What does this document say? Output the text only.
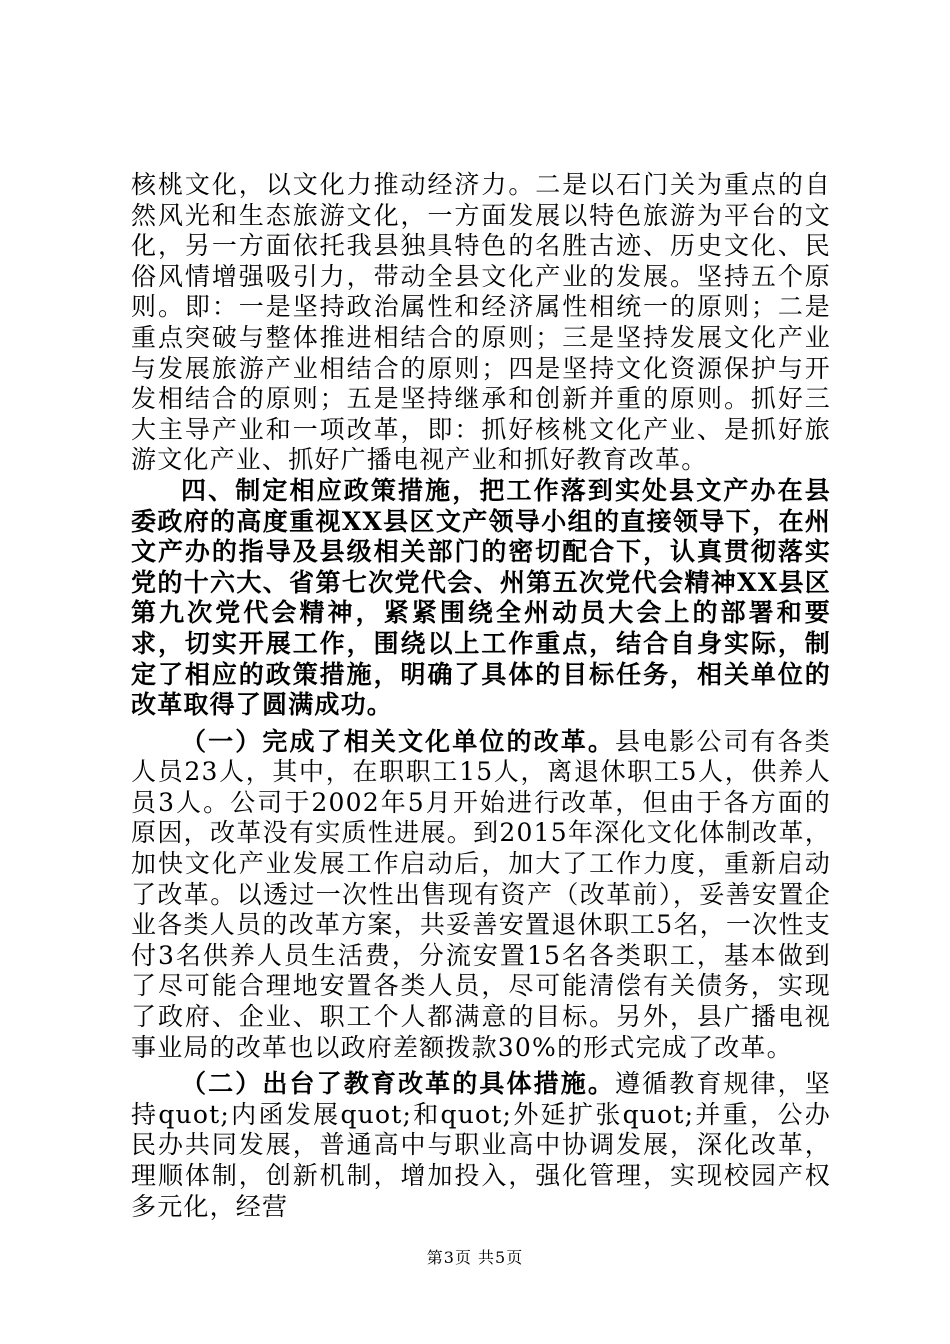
核桃文化，以文化力推动经济力。二是以石门关为重点的自然风光和生态旅游文化，一方面发展以特色旅游为平台的文化，另一方面依托我县独具特色的名胜古迹、历史文化、民俗风情增强吸引力，带动全县文化产业的发展。坚持五个原则。即：一是坚持政治属性和经济属性相统一的原则；二是重点突破与整体推进相结合的原则；三是坚持发展文化产业与发展旅游产业相结合的原则；四是坚持文化资源保护与开发相结合的原则；五是坚持继承和创新并重的原则。抓好三大主导产业和一项改革，即：抓好核桃文化产业、是抓好旅游文化产业、抓好广播电视产业和抓好教育改革。

四、制定相应政策措施，把工作落到实处县文产办在县委政府的高度重视XX县区文产领导小组的直接领导下，在州文产办的指导及县级相关部门的密切配合下，认真贯彻落实党的十六大、省第七次党代会、州第五次党代会精神XX县区第九次党代会精神，紧紧围绕全州动员大会上的部署和要求，切实开展工作，围绕以上工作重点，结合自身实际，制定了相应的政策措施，明确了具体的目标任务，相关单位的改革取得了圆满成功。

（一）完成了相关文化单位的改革。县电影公司有各类人员23人，其中，在职职工15人，离退休职工5人，供养人员3人。公司于2002年5月开始进行改革，但由于各方面的原因，改革没有实质性进展。到2015年深化文化体制改革，加快文化产业发展工作启动后，加大了工作力度，重新启动了改革。以透过一次性出售现有资产（改革前），妥善安置企业各类人员的改革方案，共妥善安置退休职工5名，一次性支付3名供养人员生活费，分流安置15名各类职工，基本做到了尽可能合理地安置各类人员，尽可能清偿有关债务，实现了政府、企业、职工个人都满意的目标。另外，县广播电视事业局的改革也以政府差额拨款30%的形式完成了改革。

（二）出台了教育改革的具体措施。遵循教育规律，坚持quot;内函发展quot;和quot;外延扩张quot;并重，公办民办共同发展，普通高中与职业高中协调发展，深化改革，理顺体制，创新机制，增加投入，强化管理，实现校园产权多元化，经营

第3页 共5页
